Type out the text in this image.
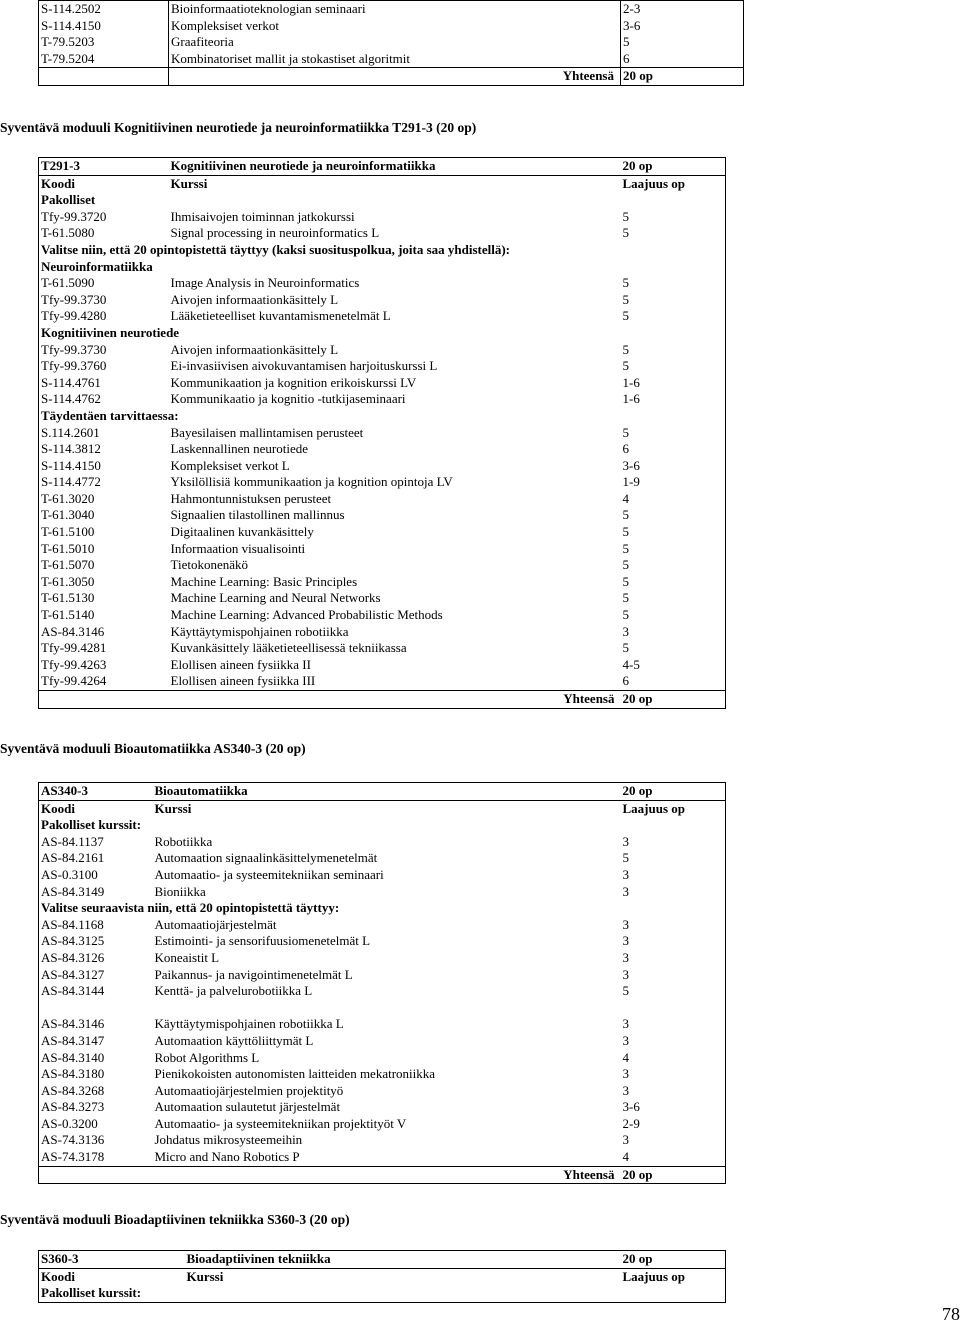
S-114.2502	Bioinformaatioteknologian seminaari	2-3
S-114.4150	Kompleksiset verkot	3-6
T-79.5203	Graafiteoria	5
T-79.5204	Kombinatoriset mallit ja stokastiset algoritmit	6
	Yhteensä	20 op
Syventävä moduuli Kognitiivinen neurotiede ja neuroinformatiikka T291-3 (20 op)
T291-3	Kognitiivinen neurotiede ja neuroinformatiikka	20 op
Koodi	Kurssi	Laajuus op
Pakolliset		
Tfy-99.3720	Ihmisaivojen toiminnan jatkokurssi	5
T-61.5080	Signal processing in neuroinformatics L	5
Valitse niin, että 20 opintopistettä täyttyy (kaksi suosituspolkua, joita saa yhdistellä):		
Neuroinformatiikka		
T-61.5090	Image Analysis in Neuroinformatics	5
Tfy-99.3730	Aivojen informaationkäsittely L	5
Tfy-99.4280	Lääketieteelliset kuvantamismenetelmät L	5
Kognitiivinen neurotiede		
Tfy-99.3730	Aivojen informaationkäsittely L	5
Tfy-99.3760	Ei-invasiivisen aivokuvantamisen harjoituskurssi L	5
S-114.4761	Kommunikaation ja kognition erikoiskurssi LV	1-6
S-114.4762	Kommunikaatio ja kognitio -tutkijaseminaari	1-6
Täydentäen tarvittaessa:		
S.114.2601	Bayesilaisen mallintamisen perusteet	5
S-114.3812	Laskennallinen neurotiede	6
S-114.4150	Kompleksiset verkot L	3-6
S-114.4772	Yksilöllisiä kommunikaation ja kognition opintoja LV	1-9
T-61.3020	Hahmontunnistuksen perusteet	4
T-61.3040	Signaalien tilastollinen mallinnus	5
T-61.5100	Digitaalinen kuvankäsittely	5
T-61.5010	Informaation visualisointi	5
T-61.5070	Tietokonenäkö	5
T-61.3050	Machine Learning: Basic Principles	5
T-61.5130	Machine Learning and Neural Networks	5
T-61.5140	Machine Learning: Advanced Probabilistic Methods	5
AS-84.3146	Käyttäytymispohjainen robotiikka	3
Tfy-99.4281	Kuvankäsittely lääketieteellisessä tekniikassa	5
Tfy-99.4263	Elollisen aineen fysiikka II	4-5
Tfy-99.4264	Elollisen aineen fysiikka III	6
	Yhteensä	20 op
Syventävä moduuli Bioautomatiikka AS340-3 (20 op)
AS340-3	Bioautomatiikka	20 op
Koodi	Kurssi	Laajuus op
Pakolliset kurssit:		
AS-84.1137	Robotiikka	3
AS-84.2161	Automaation signaalinkäsittelymenetelmät	5
AS-0.3100	Automaatio- ja systeemitekniikan seminaari	3
AS-84.3149	Bioniikka	3
Valitse seuraavista niin, että 20 opintopistettä täyttyy:		
AS-84.1168	Automaatiojärjestelmät	3
AS-84.3125	Estimointi- ja sensorifuusiomenetelmät L	3
AS-84.3126	Koneaistit L	3
AS-84.3127	Paikannus- ja navigointimenetelmät L	3
AS-84.3144	Kenttä- ja palvelurobotiikka L	5

AS-84.3146	Käyttäytymispohjainen robotiikka L	3
AS-84.3147	Automaation käyttöliittymät L	3
AS-84.3140	Robot Algorithms L	4
AS-84.3180	Pienikokoisten autonomisten laitteiden mekatroniikka	3
AS-84.3268	Automaatiojärjestelmien projektityö	3
AS-84.3273	Automaation sulautetut järjestelmät	3-6
AS-0.3200	Automaatio- ja systeemitekniikan projektityöt V	2-9
AS-74.3136	Johdatus mikrosysteemeihin	3
AS-74.3178	Micro and Nano Robotics P	4
	Yhteensä	20 op
Syventävä moduuli Bioadaptiivinen tekniikka S360-3 (20 op)
S360-3	Bioadaptiivinen tekniikka	20 op
Koodi	Kurssi	Laajuus op
Pakolliset kurssit:		
78
